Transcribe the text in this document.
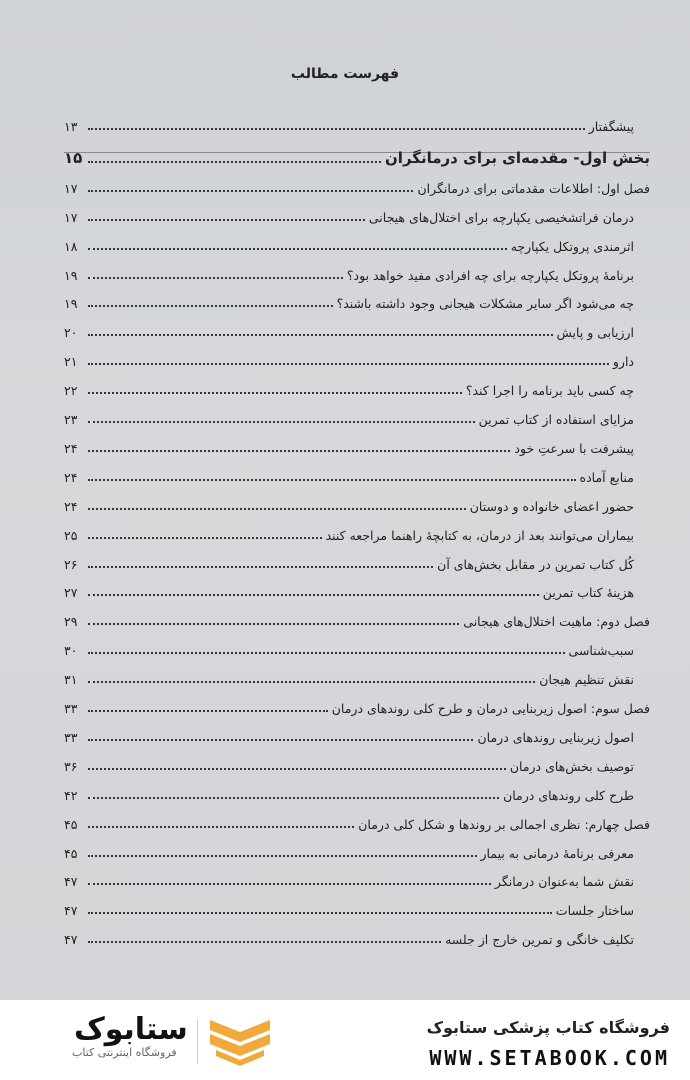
فهرست مطالب
پیشگفتار
۱۳
بخش اول- مقدمه‌ای برای درمانگران
۱۵
فصل اول: اطلاعات مقدماتی برای درمانگران
۱۷
درمان فراتشخیصی یکپارچه برای اختلال‌های هیجانی
۱۷
اثرمندی پروتکل یکپارچه
۱۸
برنامهٔ پروتکل یکپارچه برای چه افرادی مفید خواهد بود؟
۱۹
چه می‌شود اگر سایر مشکلات هیجانی وجود داشته باشند؟
۱۹
ارزیابی و پایش
۲۰
دارو
۲۱
چه کسی باید برنامه را اجرا کند؟
۲۲
مزایای استفاده از کتاب تمرین
۲۳
پیشرفت با سرعتِ خود
۲۴
منابع آماده
۲۴
حضور اعضای خانواده و دوستان
۲۴
بیماران می‌توانند بعد از درمان، به کتابچهٔ راهنما مراجعه کنند
۲۵
کُل کتاب تمرین در مقابل بخش‌های آن
۲۶
هزینهٔ کتاب تمرین
۲۷
فصل دوم: ماهیت اختلال‌های هیجانی
۲۹
سبب‌شناسی
۳۰
نقش تنظیم هیجان
۳۱
فصل سوم: اصول زیربنایی درمان و طرح کلی روندهای درمان
۳۳
اصول زیربنایی روندهای درمان
۳۳
توصیف بخش‌های درمان
۳۶
طرح کلی روندهای درمان
۴۲
فصل چهارم: نظری اجمالی بر روندها و شکل کلی درمان
۴۵
معرفی برنامهٔ درمانی به بیمار
۴۵
نقش شما به‌عنوان درمانگر
۴۷
ساختار جلسات
۴۷
تکلیف خانگی و تمرین خارج از جلسه
۴۷
ستابوک
فروشگاه اینترنتی کتاب
فروشگاه کتاب پزشکی ستابوک
WWW.SETABOOK.COM
